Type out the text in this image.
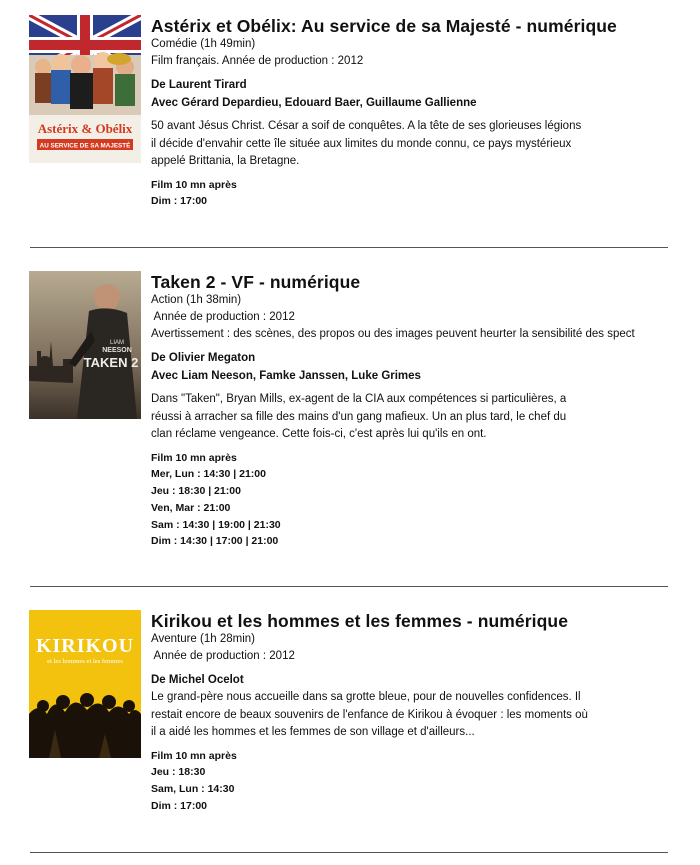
Astérix & Obélix
AU SERVICE DE SA MAJESTÉ
Astérix et Obélix: Au service de sa Majesté - numérique
Comédie (1h 49min)
Film français. Année de production : 2012
De Laurent Tirard
Avec Gérard Depardieu, Edouard Baer, Guillaume Gallienne
50 avant Jésus Christ. César a soif de conquêtes. A la tête de ses glorieuses légions
il décide d'envahir cette île située aux limites du monde connu, ce pays mystérieux
appelé Brittania, la Bretagne.
Film 10 mn après
Dim : 17:00
LIAM
NEESON
TAKEN 2
Taken 2 - VF - numérique
Action (1h 38min)
Année de production : 2012
Avertissement : des scènes, des propos ou des images peuvent heurter la sensibilité des spect
De Olivier Megaton
Avec Liam Neeson, Famke Janssen, Luke Grimes
Dans "Taken", Bryan Mills, ex-agent de la CIA aux compétences si particulières, a
réussi à arracher sa fille des mains d'un gang mafieux. Un an plus tard, le chef du
clan réclame vengeance. Cette fois-ci, c'est après lui qu'ils en ont.
Film 10 mn après
Mer, Lun : 14:30 | 21:00
Jeu : 18:30 | 21:00
Ven, Mar : 21:00
Sam : 14:30 | 19:00 | 21:30
Dim : 14:30 | 17:00 | 21:00
KIRIKOU
et les hommes et les femmes
Kirikou et les hommes et les femmes - numérique
Aventure (1h 28min)
Année de production : 2012
De Michel Ocelot
Le grand-père nous accueille dans sa grotte bleue, pour de nouvelles confidences. Il
restait encore de beaux souvenirs de l'enfance de Kirikou à évoquer : les moments où
il a aidé les hommes et les femmes de son village et d'ailleurs...
Film 10 mn après
Jeu : 18:30
Sam, Lun : 14:30
Dim : 17:00
